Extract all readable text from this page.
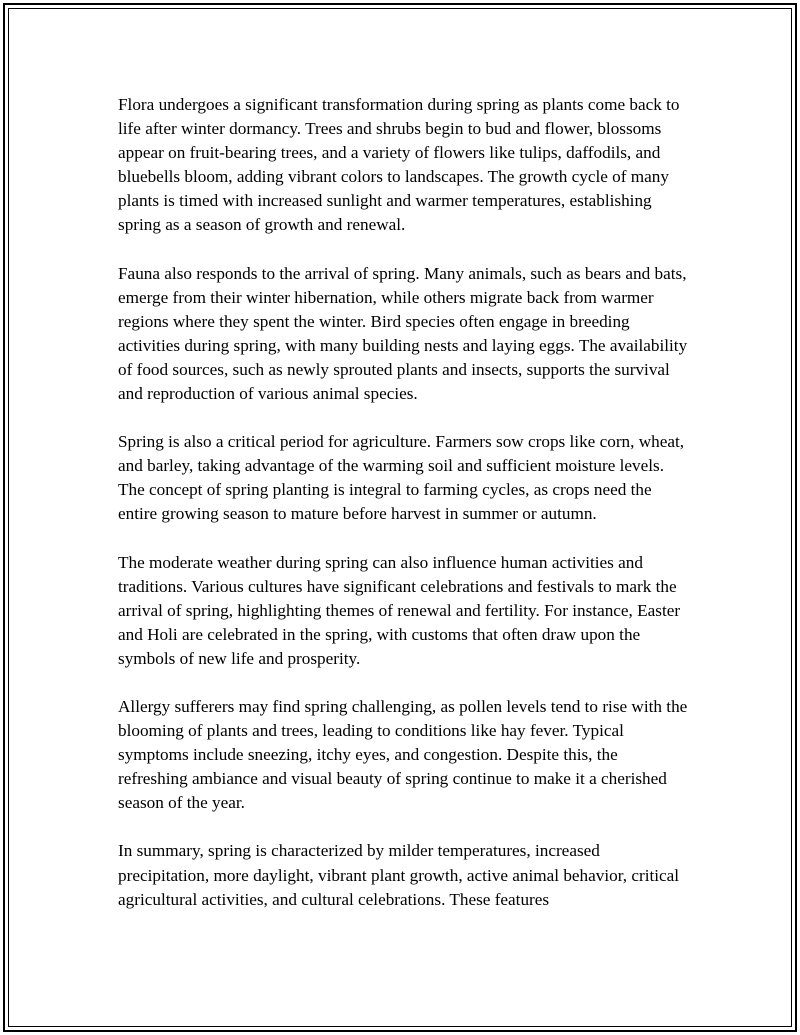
Flora undergoes a significant transformation during spring as plants come back to life after winter dormancy. Trees and shrubs begin to bud and flower, blossoms appear on fruit-bearing trees, and a variety of flowers like tulips, daffodils, and bluebells bloom, adding vibrant colors to landscapes. The growth cycle of many plants is timed with increased sunlight and warmer temperatures, establishing spring as a season of growth and renewal.

Fauna also responds to the arrival of spring. Many animals, such as bears and bats, emerge from their winter hibernation, while others migrate back from warmer regions where they spent the winter. Bird species often engage in breeding activities during spring, with many building nests and laying eggs. The availability of food sources, such as newly sprouted plants and insects, supports the survival and reproduction of various animal species.

Spring is also a critical period for agriculture. Farmers sow crops like corn, wheat, and barley, taking advantage of the warming soil and sufficient moisture levels. The concept of spring planting is integral to farming cycles, as crops need the entire growing season to mature before harvest in summer or autumn.

The moderate weather during spring can also influence human activities and traditions. Various cultures have significant celebrations and festivals to mark the arrival of spring, highlighting themes of renewal and fertility. For instance, Easter and Holi are celebrated in the spring, with customs that often draw upon the symbols of new life and prosperity.

Allergy sufferers may find spring challenging, as pollen levels tend to rise with the blooming of plants and trees, leading to conditions like hay fever. Typical symptoms include sneezing, itchy eyes, and congestion. Despite this, the refreshing ambiance and visual beauty of spring continue to make it a cherished season of the year.

In summary, spring is characterized by milder temperatures, increased precipitation, more daylight, vibrant plant growth, active animal behavior, critical agricultural activities, and cultural celebrations. These features
